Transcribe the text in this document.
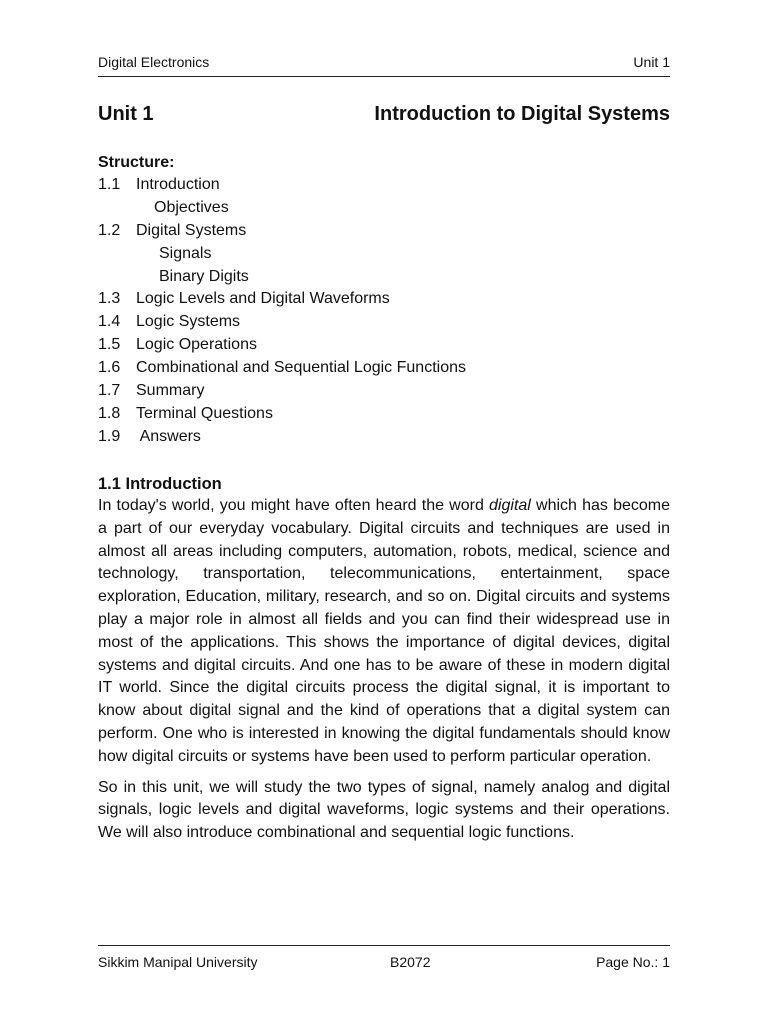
Digital Electronics	Unit 1
Unit 1	Introduction to Digital Systems
Structure:
1.1 Introduction
Objectives
1.2 Digital Systems
Signals
Binary Digits
1.3 Logic Levels and Digital Waveforms
1.4 Logic Systems
1.5 Logic Operations
1.6 Combinational and Sequential Logic Functions
1.7 Summary
1.8 Terminal Questions
1.9 Answers
1.1 Introduction

In today's world, you might have often heard the word digital which has become a part of our everyday vocabulary. Digital circuits and techniques are used in almost all areas including computers, automation, robots, medical, science and technology, transportation, telecommunications, entertainment, space exploration, Education, military, research, and so on. Digital circuits and systems play a major role in almost all fields and you can find their widespread use in most of the applications. This shows the importance of digital devices, digital systems and digital circuits. And one has to be aware of these in modern digital IT world. Since the digital circuits process the digital signal, it is important to know about digital signal and the kind of operations that a digital system can perform. One who is interested in knowing the digital fundamentals should know how digital circuits or systems have been used to perform particular operation.

So in this unit, we will study the two types of signal, namely analog and digital signals, logic levels and digital waveforms, logic systems and their operations. We will also introduce combinational and sequential logic functions.

Sikkim Manipal University	B2072	Page No.: 1
